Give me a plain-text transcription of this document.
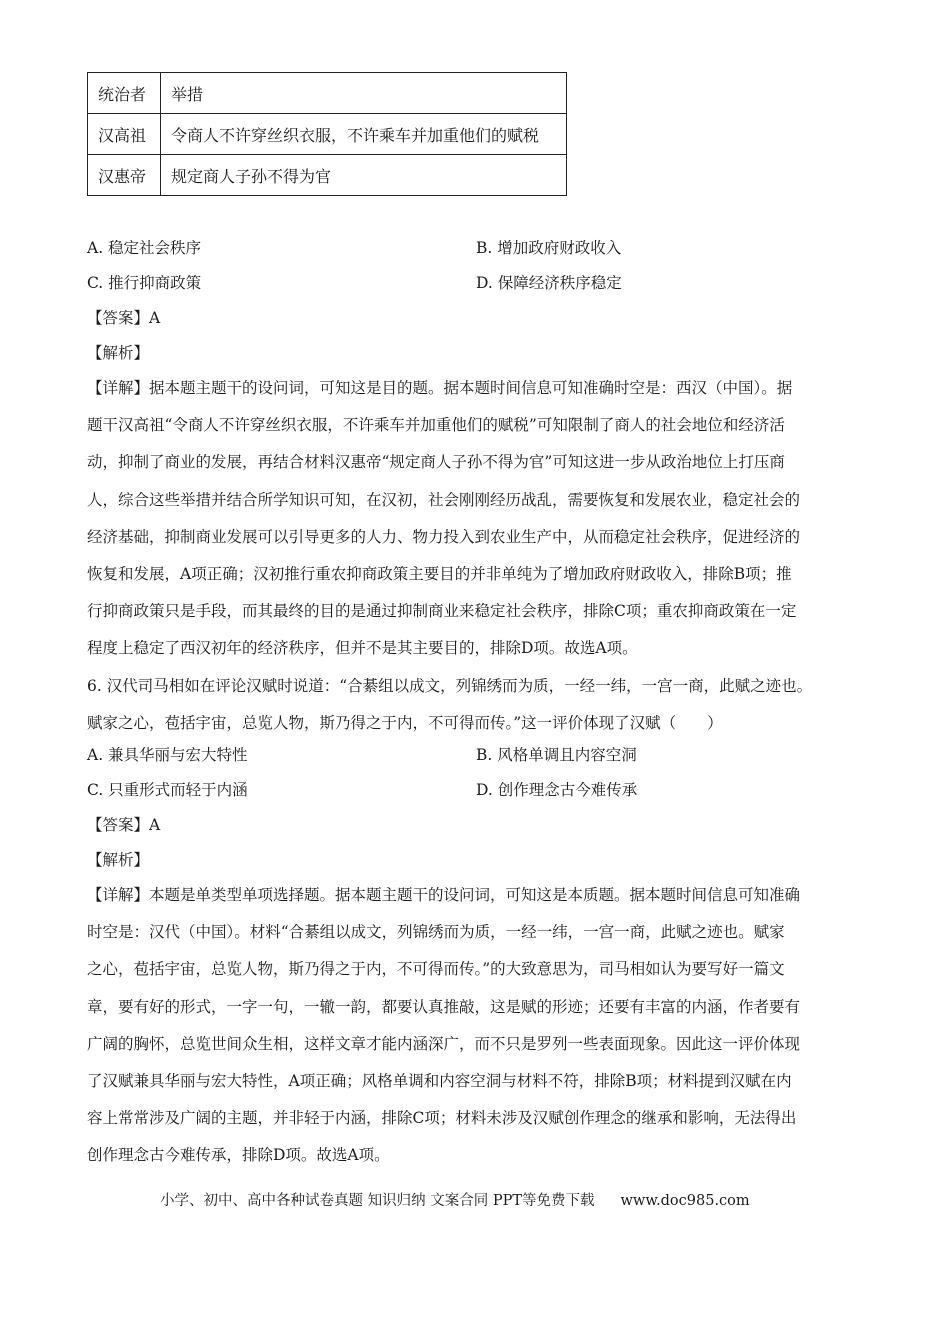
统治者	举措
汉高祖	令商人不许穿丝织衣服，不许乘车并加重他们的赋税
汉惠帝	规定商人子孙不得为官
A. 稳定社会秩序	B. 增加政府财政收入
C. 推行抑商政策	D. 保障经济秩序稳定
【答案】A
【解析】
【详解】据本题主题干的设问词，可知这是目的题。据本题时间信息可知准确时空是：西汉（中国）。据
题干汉高祖“令商人不许穿丝织衣服，不许乘车并加重他们的赋税”可知限制了商人的社会地位和经济活
动，抑制了商业的发展，再结合材料汉惠帝“规定商人子孙不得为官”可知这进一步从政治地位上打压商
人，综合这些举措并结合所学知识可知，在汉初，社会刚刚经历战乱，需要恢复和发展农业，稳定社会的
经济基础，抑制商业发展可以引导更多的人力、物力投入到农业生产中，从而稳定社会秩序，促进经济的
恢复和发展，A项正确；汉初推行重农抑商政策主要目的并非单纯为了增加政府财政收入，排除B项；推
行抑商政策只是手段，而其最终的目的是通过抑制商业来稳定社会秩序，排除C项；重农抑商政策在一定
程度上稳定了西汉初年的经济秩序，但并不是其主要目的，排除D项。故选A项。
6. 汉代司马相如在评论汉赋时说道：“合綦组以成文，列锦绣而为质，一经一纬，一宫一商，此赋之迹也。
赋家之心，苞括宇宙，总览人物，斯乃得之于内，不可得而传。”这一评价体现了汉赋（　　）
A. 兼具华丽与宏大特性	B. 风格单调且内容空洞
C. 只重形式而轻于内涵	D. 创作理念古今难传承
【答案】A
【解析】
【详解】本题是单类型单项选择题。据本题主题干的设问词，可知这是本质题。据本题时间信息可知准确
时空是：汉代（中国）。材料“合綦组以成文，列锦绣而为质，一经一纬，一宫一商，此赋之迹也。赋家
之心，苞括宇宙，总览人物，斯乃得之于内，不可得而传。”的大致意思为，司马相如认为要写好一篇文
章，要有好的形式，一字一句，一辙一韵，都要认真推敲，这是赋的形迹；还要有丰富的内涵，作者要有
广阔的胸怀，总览世间众生相，这样文章才能内涵深广，而不只是罗列一些表面现象。因此这一评价体现
了汉赋兼具华丽与宏大特性，A项正确；风格单调和内容空洞与材料不符，排除B项；材料提到汉赋在内
容上常常涉及广阔的主题，并非轻于内涵，排除C项；材料未涉及汉赋创作理念的继承和影响，无法得出
创作理念古今难传承，排除D项。故选A项。
小学、初中、高中各种试卷真题 知识归纳 文案合同 PPT等免费下载 www.doc985.com
